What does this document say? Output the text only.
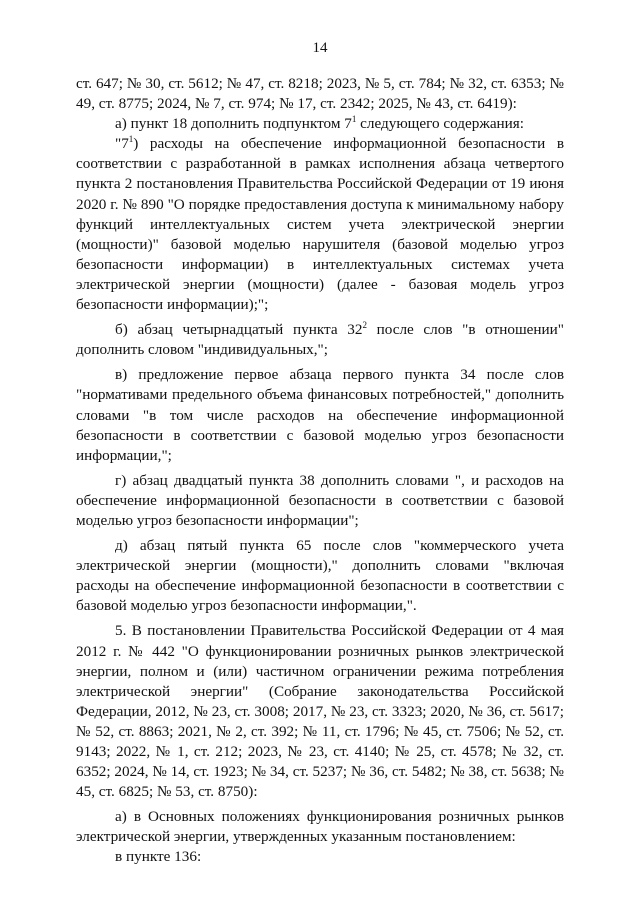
14

ст. 647; № 30, ст. 5612; № 47, ст. 8218; 2023, № 5, ст. 784; № 32, ст. 6353; № 49, ст. 8775; 2024, № 7, ст. 974; № 17, ст. 2342; 2025, № 43, ст. 6419):

а) пункт 18 дополнить подпунктом $7^1$ следующего содержания:

"$7^1$) расходы на обеспечение информационной безопасности в соответствии с разработанной в рамках исполнения абзаца четвертого пункта 2 постановления Правительства Российской Федерации от 19 июня 2020 г. № 890 "О порядке предоставления доступа к минимальному набору функций интеллектуальных систем учета электрической энергии (мощности)" базовой моделью нарушителя (базовой моделью угроз безопасности информации) в интеллектуальных системах учета электрической энергии (мощности) (далее - базовая модель угроз безопасности информации);";

б) абзац четырнадцатый пункта $32^2$ после слов "в отношении" дополнить словом "индивидуальных,";

в) предложение первое абзаца первого пункта 34 после слов "нормативами предельного объема финансовых потребностей," дополнить словами "в том числе расходов на обеспечение информационной безопасности в соответствии с базовой моделью угроз безопасности информации,";

г) абзац двадцатый пункта 38 дополнить словами ", и расходов на обеспечение информационной безопасности в соответствии с базовой моделью угроз безопасности информации";

д) абзац пятый пункта 65 после слов "коммерческого учета электрической энергии (мощности)," дополнить словами "включая расходы на обеспечение информационной безопасности в соответствии с базовой моделью угроз безопасности информации,".

5. В постановлении Правительства Российской Федерации от 4 мая 2012 г. № 442 "О функционировании розничных рынков электрической энергии, полном и (или) частичном ограничении режима потребления электрической энергии" (Собрание законодательства Российской Федерации, 2012, № 23, ст. 3008; 2017, № 23, ст. 3323; 2020, № 36, ст. 5617; № 52, ст. 8863; 2021, № 2, ст. 392; № 11, ст. 1796; № 45, ст. 7506; № 52, ст. 9143; 2022, № 1, ст. 212; 2023, № 23, ст. 4140; № 25, ст. 4578; № 32, ст. 6352; 2024, № 14, ст. 1923; № 34, ст. 5237; № 36, ст. 5482; № 38, ст. 5638; № 45, ст. 6825; № 53, ст. 8750):

а) в Основных положениях функционирования розничных рынков электрической энергии, утвержденных указанным постановлением:

в пункте 136:
